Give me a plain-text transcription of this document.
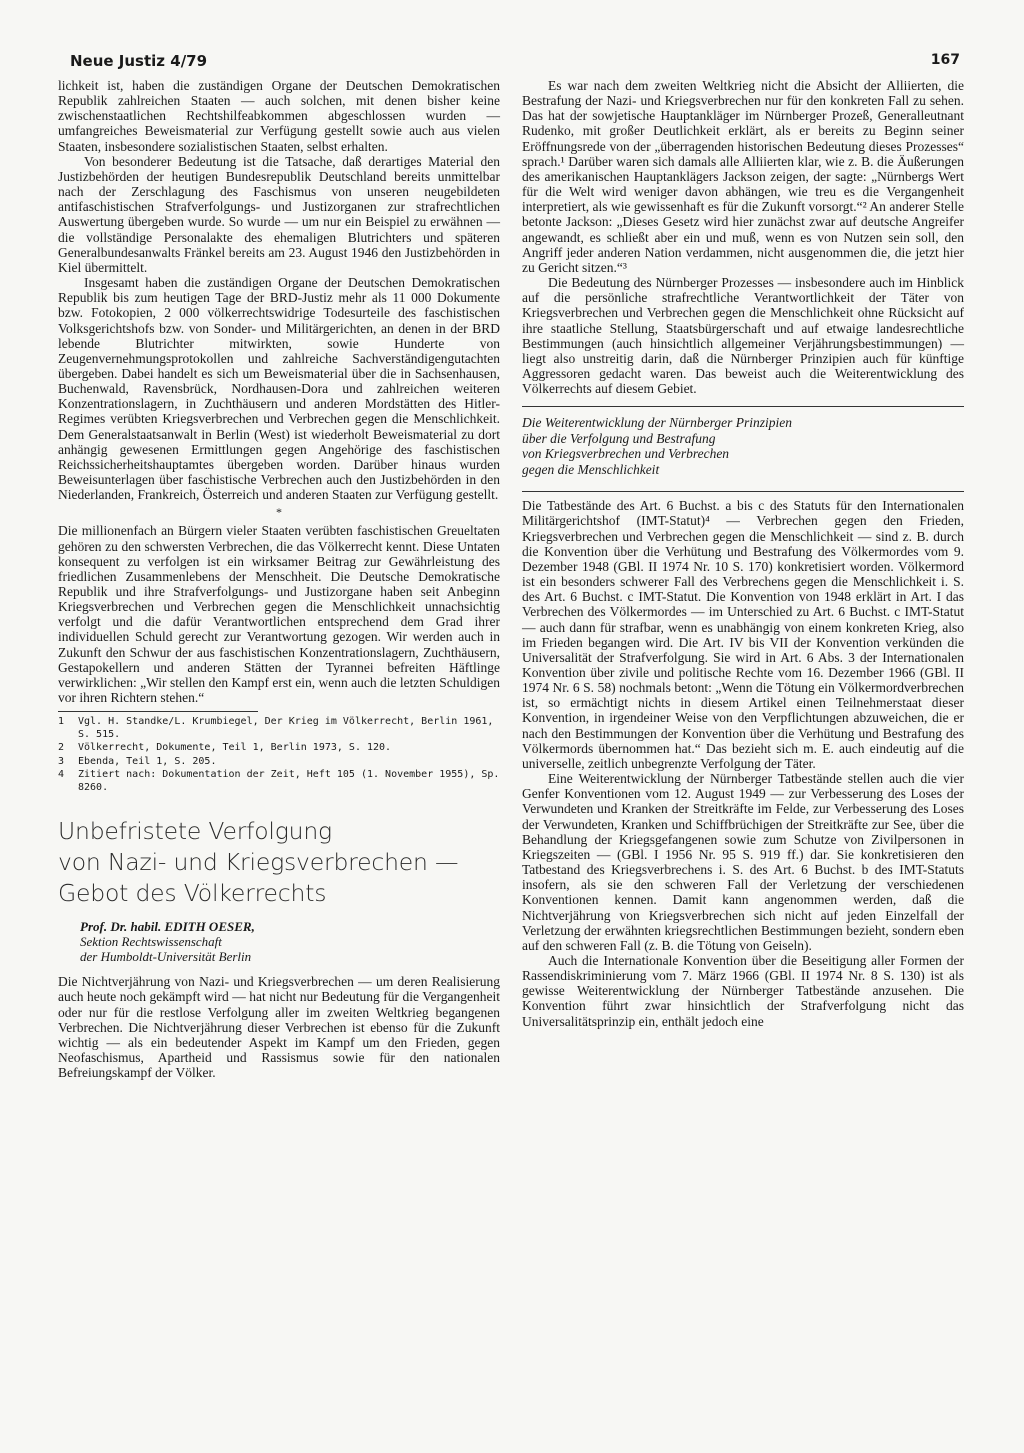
Neue Justiz 4/79	167

lichkeit ist, haben die zuständigen Organe der Deutschen Demokratischen Republik zahlreichen Staaten — auch solchen, mit denen bisher keine zwischenstaatlichen Rechtshilfeabkommen abgeschlossen wurden — umfangreiches Beweismaterial zur Verfügung gestellt sowie auch aus vielen Staaten, insbesondere sozialistischen Staaten, selbst erhalten.

Von besonderer Bedeutung ist die Tatsache, daß derartiges Material den Justizbehörden der heutigen Bundesrepublik Deutschland bereits unmittelbar nach der Zerschlagung des Faschismus von unseren neugebildeten antifaschistischen Strafverfolgungs- und Justizorganen zur strafrechtlichen Auswertung übergeben wurde. So wurde — um nur ein Beispiel zu erwähnen — die vollständige Personalakte des ehemaligen Blutrichters und späteren Generalbundesanwalts Fränkel bereits am 23. August 1946 den Justizbehörden in Kiel übermittelt.

Insgesamt haben die zuständigen Organe der Deutschen Demokratischen Republik bis zum heutigen Tage der BRD-Justiz mehr als 11 000 Dokumente bzw. Fotokopien, 2 000 völkerrechtswidrige Todesurteile des faschistischen Volksgerichtshofs bzw. von Sonder- und Militärgerichten, an denen in der BRD lebende Blutrichter mitwirkten, sowie Hunderte von Zeugenvernehmungsprotokollen und zahlreiche Sachverständigengutachten übergeben. Dabei handelt es sich um Beweismaterial über die in Sachsenhausen, Buchenwald, Ravensbrück, Nordhausen-Dora und zahlreichen weiteren Konzentrationslagern, in Zuchthäusern und anderen Mordstätten des Hitler-Regimes verübten Kriegsverbrechen und Verbrechen gegen die Menschlichkeit. Dem Generalstaatsanwalt in Berlin (West) ist wiederholt Beweismaterial zu dort anhängig gewesenen Ermittlungen gegen Angehörige des faschistischen Reichssicherheitshauptamtes übergeben worden. Darüber hinaus wurden Beweisunterlagen über faschistische Verbrechen auch den Justizbehörden in den Niederlanden, Frankreich, Österreich und anderen Staaten zur Verfügung gestellt.

*

Die millionenfach an Bürgern vieler Staaten verübten faschistischen Greueltaten gehören zu den schwersten Verbrechen, die das Völkerrecht kennt. Diese Untaten konsequent zu verfolgen ist ein wirksamer Beitrag zur Gewährleistung des friedlichen Zusammenlebens der Menschheit. Die Deutsche Demokratische Republik und ihre Strafverfolgungs- und Justizorgane haben seit Anbeginn Kriegsverbrechen und Verbrechen gegen die Menschlichkeit unnachsichtig verfolgt und die dafür Verantwortlichen entsprechend dem Grad ihrer individuellen Schuld gerecht zur Verantwortung gezogen. Wir werden auch in Zukunft den Schwur der aus faschistischen Konzentrationslagern, Zuchthäusern, Gestapokellern und anderen Stätten der Tyrannei befreiten Häftlinge verwirklichen: „Wir stellen den Kampf erst ein, wenn auch die letzten Schuldigen vor ihren Richtern stehen.“

1	Vgl. H. Standke/L. Krumbiegel, Der Krieg im Völkerrecht, Berlin 1961, S. 515.
2	Völkerrecht, Dokumente, Teil 1, Berlin 1973, S. 120.
3	Ebenda, Teil 1, S. 205.
4	Zitiert nach: Dokumentation der Zeit, Heft 105 (1. November 1955), Sp. 8260.
Unbefristete Verfolgung
von Nazi- und Kriegsverbrechen —
Gebot des Völkerrechts
Prof. Dr. habil. EDITH OESER,
Sektion Rechtswissenschaft
der Humboldt-Universität Berlin

Die Nichtverjährung von Nazi- und Kriegsverbrechen — um deren Realisierung auch heute noch gekämpft wird — hat nicht nur Bedeutung für die Vergangenheit oder nur für die restlose Verfolgung aller im zweiten Weltkrieg begangenen Verbrechen. Die Nichtverjährung dieser Verbrechen ist ebenso für die Zukunft wichtig — als ein bedeutender Aspekt im Kampf um den Frieden, gegen Neofaschismus, Apartheid und Rassismus sowie für den nationalen Befreiungskampf der Völker.

Es war nach dem zweiten Weltkrieg nicht die Absicht der Alliierten, die Bestrafung der Nazi- und Kriegsverbrechen nur für den konkreten Fall zu sehen. Das hat der sowjetische Hauptankläger im Nürnberger Prozeß, Generalleutnant Rudenko, mit großer Deutlichkeit erklärt, als er bereits zu Beginn seiner Eröffnungsrede von der „überragenden historischen Bedeutung dieses Prozesses“ sprach.¹ Darüber waren sich damals alle Alliierten klar, wie z. B. die Äußerungen des amerikanischen Hauptanklägers Jackson zeigen, der sagte: „Nürnbergs Wert für die Welt wird weniger davon abhängen, wie treu es die Vergangenheit interpretiert, als wie gewissenhaft es für die Zukunft vorsorgt.“² An anderer Stelle betonte Jackson: „Dieses Gesetz wird hier zunächst zwar auf deutsche Angreifer angewandt, es schließt aber ein und muß, wenn es von Nutzen sein soll, den Angriff jeder anderen Nation verdammen, nicht ausgenommen die, die jetzt hier zu Gericht sitzen.“³

Die Bedeutung des Nürnberger Prozesses — insbesondere auch im Hinblick auf die persönliche strafrechtliche Verantwortlichkeit der Täter von Kriegsverbrechen und Verbrechen gegen die Menschlichkeit ohne Rücksicht auf ihre staatliche Stellung, Staatsbürgerschaft und auf etwaige landesrechtliche Bestimmungen (auch hinsichtlich allgemeiner Verjährungsbestimmungen) — liegt also unstreitig darin, daß die Nürnberger Prinzipien auch für künftige Aggressoren gedacht waren. Das beweist auch die Weiterentwicklung des Völkerrechts auf diesem Gebiet.

Die Weiterentwicklung der Nürnberger Prinzipien
über die Verfolgung und Bestrafung
von Kriegsverbrechen und Verbrechen
gegen die Menschlichkeit

Die Tatbestände des Art. 6 Buchst. a bis c des Statuts für den Internationalen Militärgerichtshof (IMT-Statut)⁴ — Verbrechen gegen den Frieden, Kriegsverbrechen und Verbrechen gegen die Menschlichkeit — sind z. B. durch die Konvention über die Verhütung und Bestrafung des Völkermordes vom 9. Dezember 1948 (GBl. II 1974 Nr. 10 S. 170) konkretisiert worden. Völkermord ist ein besonders schwerer Fall des Verbrechens gegen die Menschlichkeit i. S. des Art. 6 Buchst. c IMT-Statut. Die Konvention von 1948 erklärt in Art. I das Verbrechen des Völkermordes — im Unterschied zu Art. 6 Buchst. c IMT-Statut — auch dann für strafbar, wenn es unabhängig von einem konkreten Krieg, also im Frieden begangen wird. Die Art. IV bis VII der Konvention verkünden die Universalität der Strafverfolgung. Sie wird in Art. 6 Abs. 3 der Internationalen Konvention über zivile und politische Rechte vom 16. Dezember 1966 (GBl. II 1974 Nr. 6 S. 58) nochmals betont: „Wenn die Tötung ein Völkermordverbrechen ist, so ermächtigt nichts in diesem Artikel einen Teilnehmerstaat dieser Konvention, in irgendeiner Weise von den Verpflichtungen abzuweichen, die er nach den Bestimmungen der Konvention über die Verhütung und Bestrafung des Völkermords übernommen hat.“ Das bezieht sich m. E. auch eindeutig auf die universelle, zeitlich unbegrenzte Verfolgung der Täter.

Eine Weiterentwicklung der Nürnberger Tatbestände stellen auch die vier Genfer Konventionen vom 12. August 1949 — zur Verbesserung des Loses der Verwundeten und Kranken der Streitkräfte im Felde, zur Verbesserung des Loses der Verwundeten, Kranken und Schiffbrüchigen der Streitkräfte zur See, über die Behandlung der Kriegsgefangenen sowie zum Schutze von Zivilpersonen in Kriegszeiten — (GBl. I 1956 Nr. 95 S. 919 ff.) dar. Sie konkretisieren den Tatbestand des Kriegsverbrechens i. S. des Art. 6 Buchst. b des IMT-Statuts insofern, als sie den schweren Fall der Verletzung der verschiedenen Konventionen kennen. Damit kann angenommen werden, daß die Nichtverjährung von Kriegsverbrechen sich nicht auf jeden Einzelfall der Verletzung der erwähnten kriegsrechtlichen Bestimmungen bezieht, sondern eben auf den schweren Fall (z. B. die Tötung von Geiseln).

Auch die Internationale Konvention über die Beseitigung aller Formen der Rassendiskriminierung vom 7. März 1966 (GBl. II 1974 Nr. 8 S. 130) ist als gewisse Weiterentwicklung der Nürnberger Tatbestände anzusehen. Die Konvention führt zwar hinsichtlich der Strafverfolgung nicht das Universalitätsprinzip ein, enthält jedoch eine
